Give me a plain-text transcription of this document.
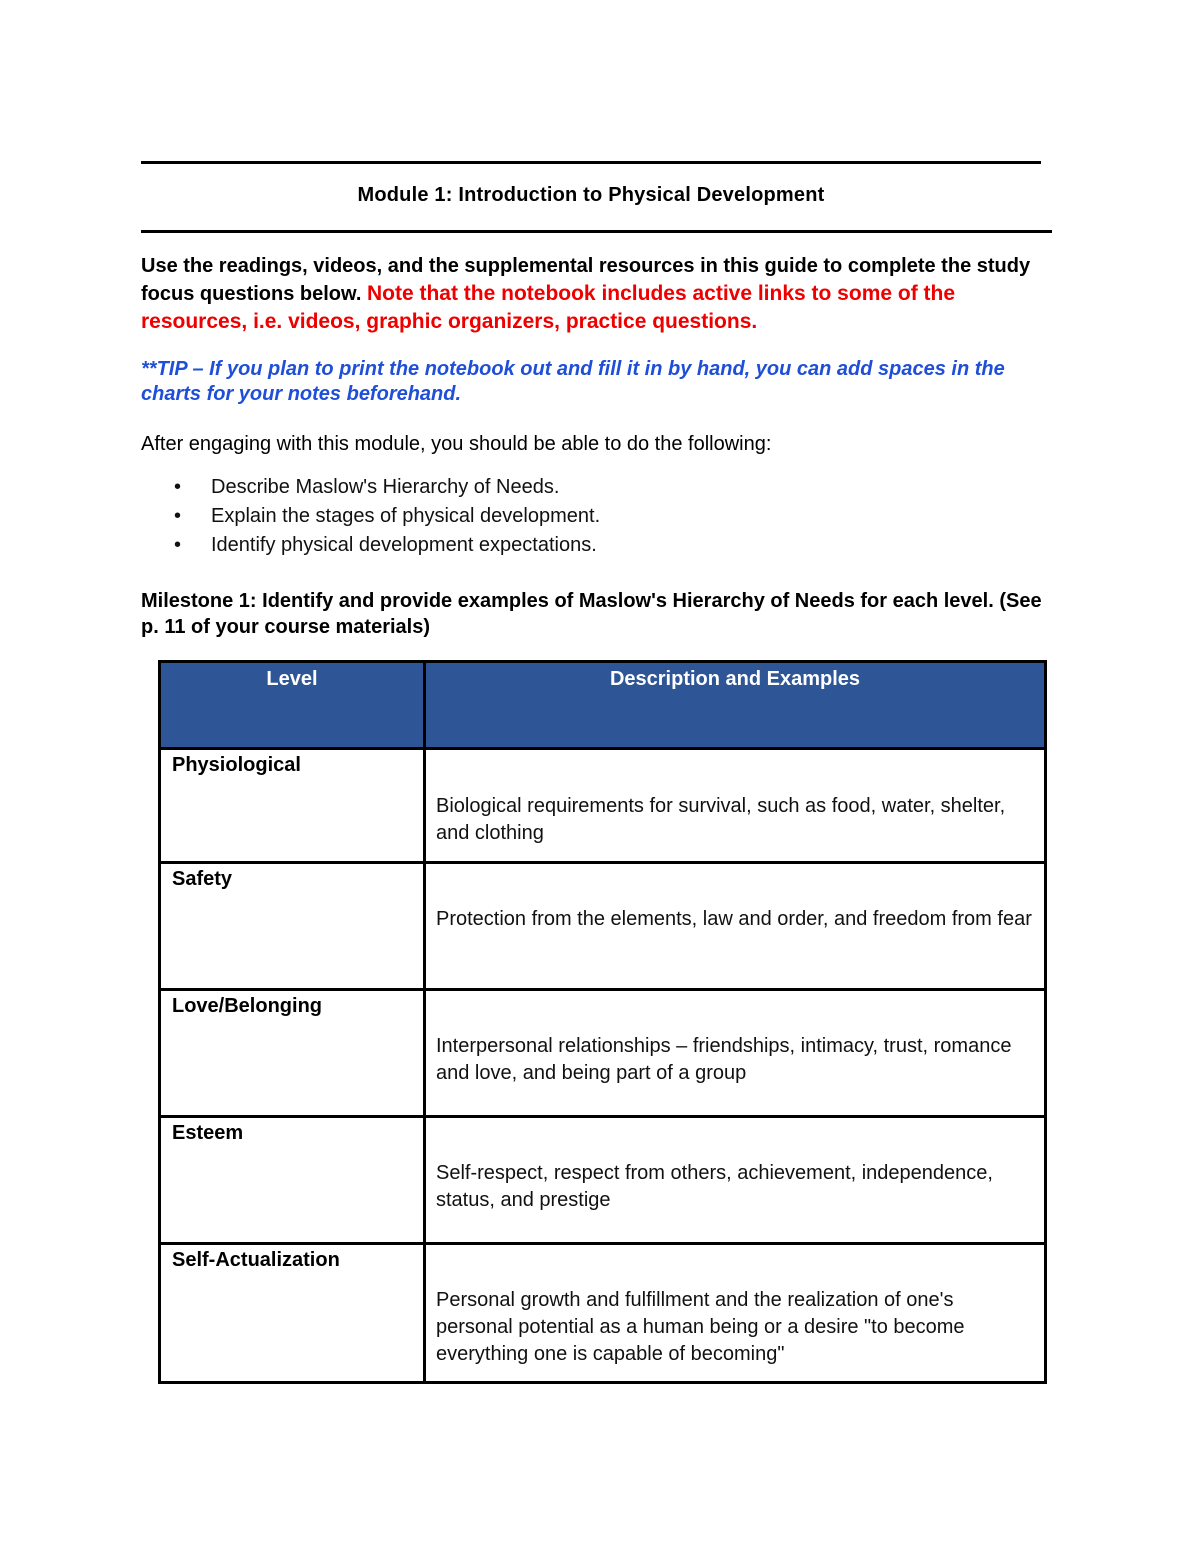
Module 1: Introduction to Physical Development
Use the readings, videos, and the supplemental resources in this guide to complete the study focus questions below. Note that the notebook includes active links to some of the resources, i.e. videos, graphic organizers, practice questions.
**TIP – If you plan to print the notebook out and fill it in by hand, you can add spaces in the charts for your notes beforehand.
After engaging with this module, you should be able to do the following:
• Describe Maslow's Hierarchy of Needs.
• Explain the stages of physical development.
• Identify physical development expectations.
Milestone 1: Identify and provide examples of Maslow's Hierarchy of Needs for each level. (See p. 11 of your course materials)
Level	Description and Examples
Physiological	Biological requirements for survival, such as food, water, shelter, and clothing

Safety	Protection from the elements, law and order, and freedom from fear

Love/Belonging	Interpersonal relationships – friendships, intimacy, trust, romance and love, and being part of a group

Esteem	Self-respect, respect from others, achievement, independence, status, and prestige

Self-Actualization	Personal growth and fulfillment and the realization of one's personal potential as a human being or a desire "to become everything one is capable of becoming"
